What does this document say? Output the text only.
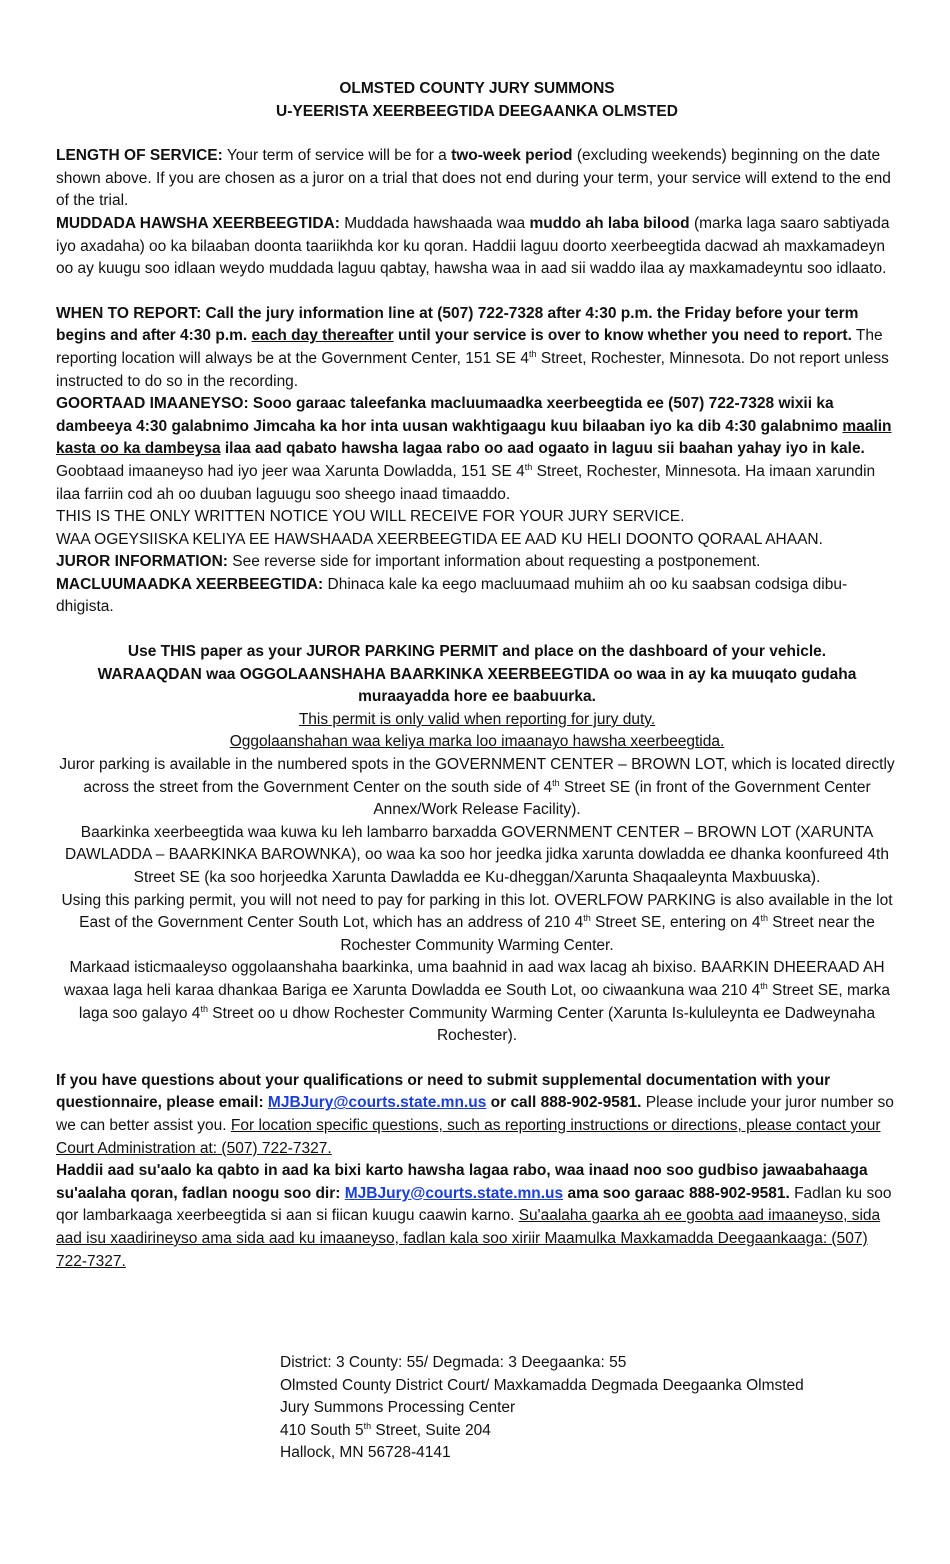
OLMSTED COUNTY JURY SUMMONS

U-YEERISTA XEERBEEGTIDA DEEGAANKA OLMSTED

LENGTH OF SERVICE: Your term of service will be for a two-week period (excluding weekends) beginning on the date shown above. If you are chosen as a juror on a trial that does not end during your term, your service will extend to the end of the trial.

MUDDADA HAWSHA XEERBEEGTIDA: Muddada hawshaada waa muddo ah laba bilood (marka laga saaro sabtiyada iyo axadaha) oo ka bilaaban doonta taariikhda kor ku qoran. Haddii laguu doorto xeerbeegtida dacwad ah maxkamadeyn oo ay kuugu soo idlaan weydo muddada laguu qabtay, hawsha waa in aad sii waddo ilaa ay maxkamadeyntu soo idlaato.

WHEN TO REPORT: Call the jury information line at (507) 722-7328 after 4:30 p.m. the Friday before your term begins and after 4:30 p.m. each day thereafter until your service is over to know whether you need to report. The reporting location will always be at the Government Center, 151 SE 4th Street, Rochester, Minnesota. Do not report unless instructed to do so in the recording.

GOORTAAD IMAANEYSO: Sooo garaac taleefanka macluumaadka xeerbeegtida ee (507) 722-7328 wixii ka dambeeya 4:30 galabnimo Jimcaha ka hor inta uusan wakhtigaagu kuu bilaaban iyo ka dib 4:30 galabnimo maalin kasta oo ka dambeysa ilaa aad qabato hawsha lagaa rabo oo aad ogaato in laguu sii baahan yahay iyo in kale. Goobtaad imaaneyso had iyo jeer waa Xarunta Dowladda, 151 SE 4th Street, Rochester, Minnesota. Ha imaan xarundin ilaa farriin cod ah oo duuban laguugu soo sheego inaad timaaddo.

THIS IS THE ONLY WRITTEN NOTICE YOU WILL RECEIVE FOR YOUR JURY SERVICE.

WAA OGEYSIISKA KELIYA EE HAWSHAADA XEERBEEGTIDA EE AAD KU HELI DOONTO QORAAL AHAAN.

JUROR INFORMATION: See reverse side for important information about requesting a postponement.

MACLUUMAADKA XEERBEEGTIDA: Dhinaca kale ka eego macluumaad muhiim ah oo ku saabsan codsiga dibu-dhigista.

Use THIS paper as your JUROR PARKING PERMIT and place on the dashboard of your vehicle.

WARAAQDAN waa OGGOLAANSHAHA BAARKINKA XEERBEEGTIDA oo waa in ay ka muuqato gudaha muraayadda hore ee baabuurka.

This permit is only valid when reporting for jury duty.

Oggolaanshahan waa keliya marka loo imaanayo hawsha xeerbeegtida.

Juror parking is available in the numbered spots in the GOVERNMENT CENTER – BROWN LOT, which is located directly across the street from the Government Center on the south side of 4th Street SE (in front of the Government Center Annex/Work Release Facility).

Baarkinka xeerbeegtida waa kuwa ku leh lambarro barxadda GOVERNMENT CENTER – BROWN LOT (XARUNTA DAWLADDA – BAARKINKA BAROWNKA), oo waa ka soo hor jeedka jidka xarunta dowladda ee dhanka koonfureed 4th Street SE (ka soo horjeedka Xarunta Dawladda ee Ku-dheggan/Xarunta Shaqaaleynta Maxbuuska).

Using this parking permit, you will not need to pay for parking in this lot. OVERLFOW PARKING is also available in the lot East of the Government Center South Lot, which has an address of 210 4th Street SE, entering on 4th Street near the Rochester Community Warming Center.

Markaad isticmaaleyso oggolaanshaha baarkinka, uma baahnid in aad wax lacag ah bixiso. BAARKIN DHEERAAD AH waxaa laga heli karaa dhankaa Bariga ee Xarunta Dowladda ee South Lot, oo ciwaankuna waa 210 4th Street SE, marka laga soo galayo 4th Street oo u dhow Rochester Community Warming Center (Xarunta Is-kululeynta ee Dadweynaha Rochester).

If you have questions about your qualifications or need to submit supplemental documentation with your questionnaire, please email: MJBJury@courts.state.mn.us or call 888-902-9581. Please include your juror number so we can better assist you. For location specific questions, such as reporting instructions or directions, please contact your Court Administration at: (507) 722-7327.

Haddii aad su'aalo ka qabto in aad ka bixi karto hawsha lagaa rabo, waa inaad noo soo gudbiso jawaabahaaga su'aalaha qoran, fadlan noogu soo dir: MJBJury@courts.state.mn.us ama soo garaac 888-902-9581. Fadlan ku soo qor lambarkaaga xeerbeegtida si aan si fiican kuugu caawin karno. Su'aalaha gaarka ah ee goobta aad imaaneyso, sida aad isu xaadirineyso ama sida aad ku imaaneyso, fadlan kala soo xiriir Maamulka Maxkamadda Deegaankaaga: (507) 722-7327.

District: 3 County: 55/ Degmada: 3 Deegaanka: 55

Olmsted County District Court/ Maxkamadda Degmada Deegaanka Olmsted

Jury Summons Processing Center

410 South 5th Street, Suite 204

Hallock, MN 56728-4141
